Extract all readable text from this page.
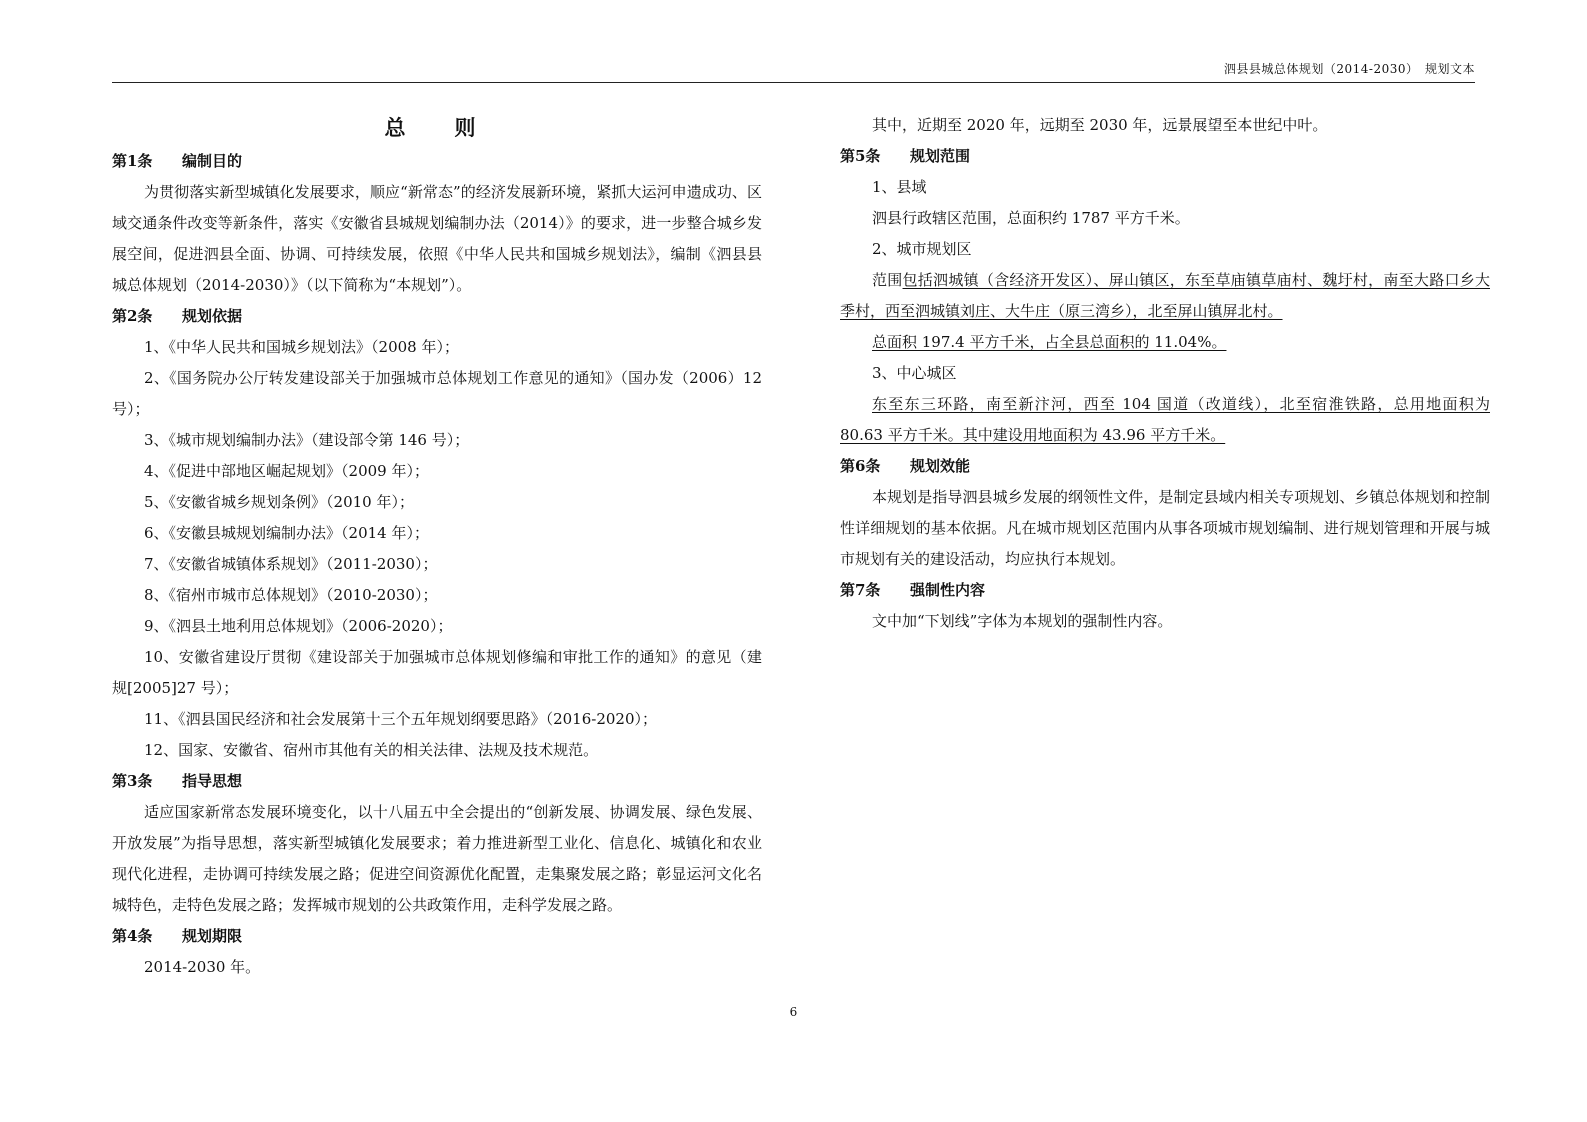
泗县县城总体规划（2014-2030）　规划文本
总　则
第1条 编制目的

为贯彻落实新型城镇化发展要求，顺应“新常态”的经济发展新环境，紧抓大运河申遗成功、区域交通条件改变等新条件，落实《安徽省县城规划编制办法（2014）》的要求，进一步整合城乡发展空间，促进泗县全面、协调、可持续发展，依照《中华人民共和国城乡规划法》，编制《泗县县城总体规划（2014-2030）》（以下简称为“本规划”）。

第2条 规划依据

1、《中华人民共和国城乡规划法》（2008 年）；

2、《国务院办公厅转发建设部关于加强城市总体规划工作意见的通知》（国办发（2006）12 号）；

3、《城市规划编制办法》（建设部令第 146 号）；

4、《促进中部地区崛起规划》（2009 年）；

5、《安徽省城乡规划条例》（2010 年）；

6、《安徽县城规划编制办法》（2014 年）；

7、《安徽省城镇体系规划》（2011-2030）；

8、《宿州市城市总体规划》（2010-2030）；

9、《泗县土地利用总体规划》（2006-2020）；

10、安徽省建设厅贯彻《建设部关于加强城市总体规划修编和审批工作的通知》的意见（建规[2005]27 号）；

11、《泗县国民经济和社会发展第十三个五年规划纲要思路》（2016-2020）；

12、国家、安徽省、宿州市其他有关的相关法律、法规及技术规范。

第3条 指导思想

适应国家新常态发展环境变化，以十八届五中全会提出的“创新发展、协调发展、绿色发展、开放发展”为指导思想，落实新型城镇化发展要求；着力推进新型工业化、信息化、城镇化和农业现代化进程，走协调可持续发展之路；促进空间资源优化配置，走集聚发展之路；彰显运河文化名城特色，走特色发展之路；发挥城市规划的公共政策作用，走科学发展之路。

第4条 规划期限

2014-2030 年。

其中，近期至 2020 年，远期至 2030 年，远景展望至本世纪中叶。

第5条 规划范围

1、县域

泗县行政辖区范围，总面积约 1787 平方千米。

2、城市规划区

范围包括泗城镇（含经济开发区）、屏山镇区，东至草庙镇草庙村、魏圩村，南至大路口乡大季村，西至泗城镇刘庄、大牛庄（原三湾乡），北至屏山镇屏北村。

总面积 197.4 平方千米，占全县总面积的 11.04%。

3、中心城区

东至东三环路，南至新汴河，西至 104 国道（改道线），北至宿淮铁路，总用地面积为 80.63 平方千米。其中建设用地面积为 43.96 平方千米。

第6条 规划效能

本规划是指导泗县城乡发展的纲领性文件，是制定县域内相关专项规划、乡镇总体规划和控制性详细规划的基本依据。凡在城市规划区范围内从事各项城市规划编制、进行规划管理和开展与城市规划有关的建设活动，均应执行本规划。

第7条 强制性内容

文中加“下划线”字体为本规划的强制性内容。

6
